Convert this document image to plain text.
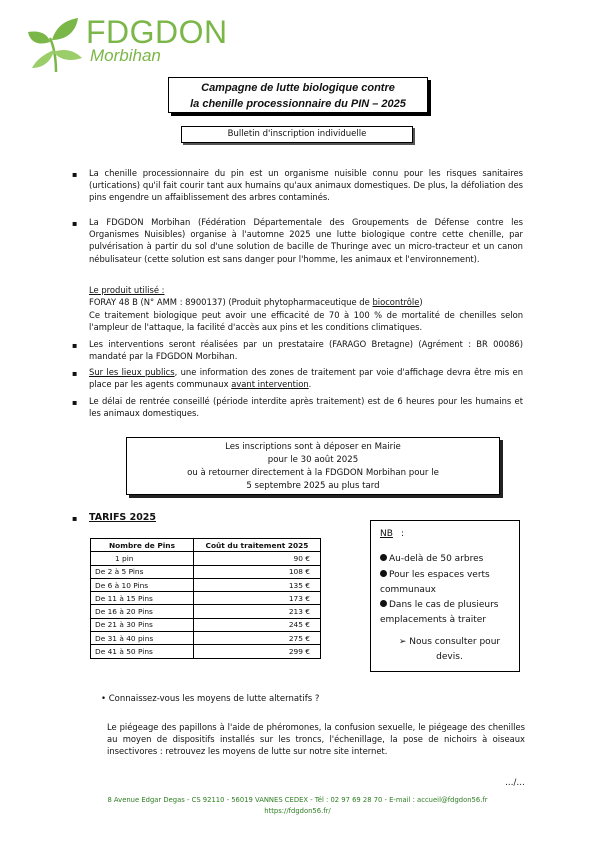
FDGDON
Morbihan
Campagne de lutte biologique contre
la chenille processionnaire du PIN – 2025
Bulletin d'inscription individuelle
▪ La chenille processionnaire du pin est un organisme nuisible connu pour les risques sanitaires (urtications) qu'il fait courir tant aux humains qu'aux animaux domestiques. De plus, la défoliation des pins engendre un affaiblissement des arbres contaminés.
▪ La FDGDON Morbihan (Fédération Départementale des Groupements de Défense contre les Organismes Nuisibles) organise à l'automne 2025 une lutte biologique contre cette chenille, par pulvérisation à partir du sol d'une solution de bacille de Thuringe avec un micro-tracteur et un canon nébulisateur (cette solution est sans danger pour l'homme, les animaux et l'environnement).
Le produit utilisé :
FORAY 48 B (N° AMM : 8900137) (Produit phytopharmaceutique de biocontrôle)
Ce traitement biologique peut avoir une efficacité de 70 à 100 % de mortalité de chenilles selon l'ampleur de l'attaque, la facilité d'accès aux pins et les conditions climatiques.
▪ Les interventions seront réalisées par un prestataire (FARAGO Bretagne) (Agrément : BR 00086) mandaté par la FDGDON Morbihan.
▪ Sur les lieux publics, une information des zones de traitement par voie d'affichage devra être mis en place par les agents communaux avant intervention.
▪ Le délai de rentrée conseillé (période interdite après traitement) est de 6 heures pour les humains et les animaux domestiques.
Les inscriptions sont à déposer en Mairie
pour le 30 août 2025
ou à retourner directement à la FDGDON Morbihan pour le
5 septembre 2025 au plus tard
▪ TARIFS 2025
Nombre de Pins	Coût du traitement 2025
1 pin	90 €
De 2 à 5 Pins	108 €
De 6 à 10 Pins	135 €
De 11 à 15 Pins	173 €
De 16 à 20 Pins	213 €
De 21 à 30 Pins	245 €
De 31 à 40 pins	275 €
De 41 à 50 Pins	299 €
NB :
Au-delà de 50 arbres
Pour les espaces verts communaux
Dans le cas de plusieurs emplacements à traiter
➢ Nous consulter pour devis.
• Connaissez-vous les moyens de lutte alternatifs ?
Le piégeage des papillons à l'aide de phéromones, la confusion sexuelle, le piégeage des chenilles au moyen de dispositifs installés sur les troncs, l'échenillage, la pose de nichoirs à oiseaux insectivores : retrouvez les moyens de lutte sur notre site internet.
…/…
8 Avenue Edgar Degas - CS 92110 - 56019 VANNES CEDEX - Tél : 02 97 69 28 70 - E-mail : accueil@fdgdon56.fr
https://fdgdon56.fr/
